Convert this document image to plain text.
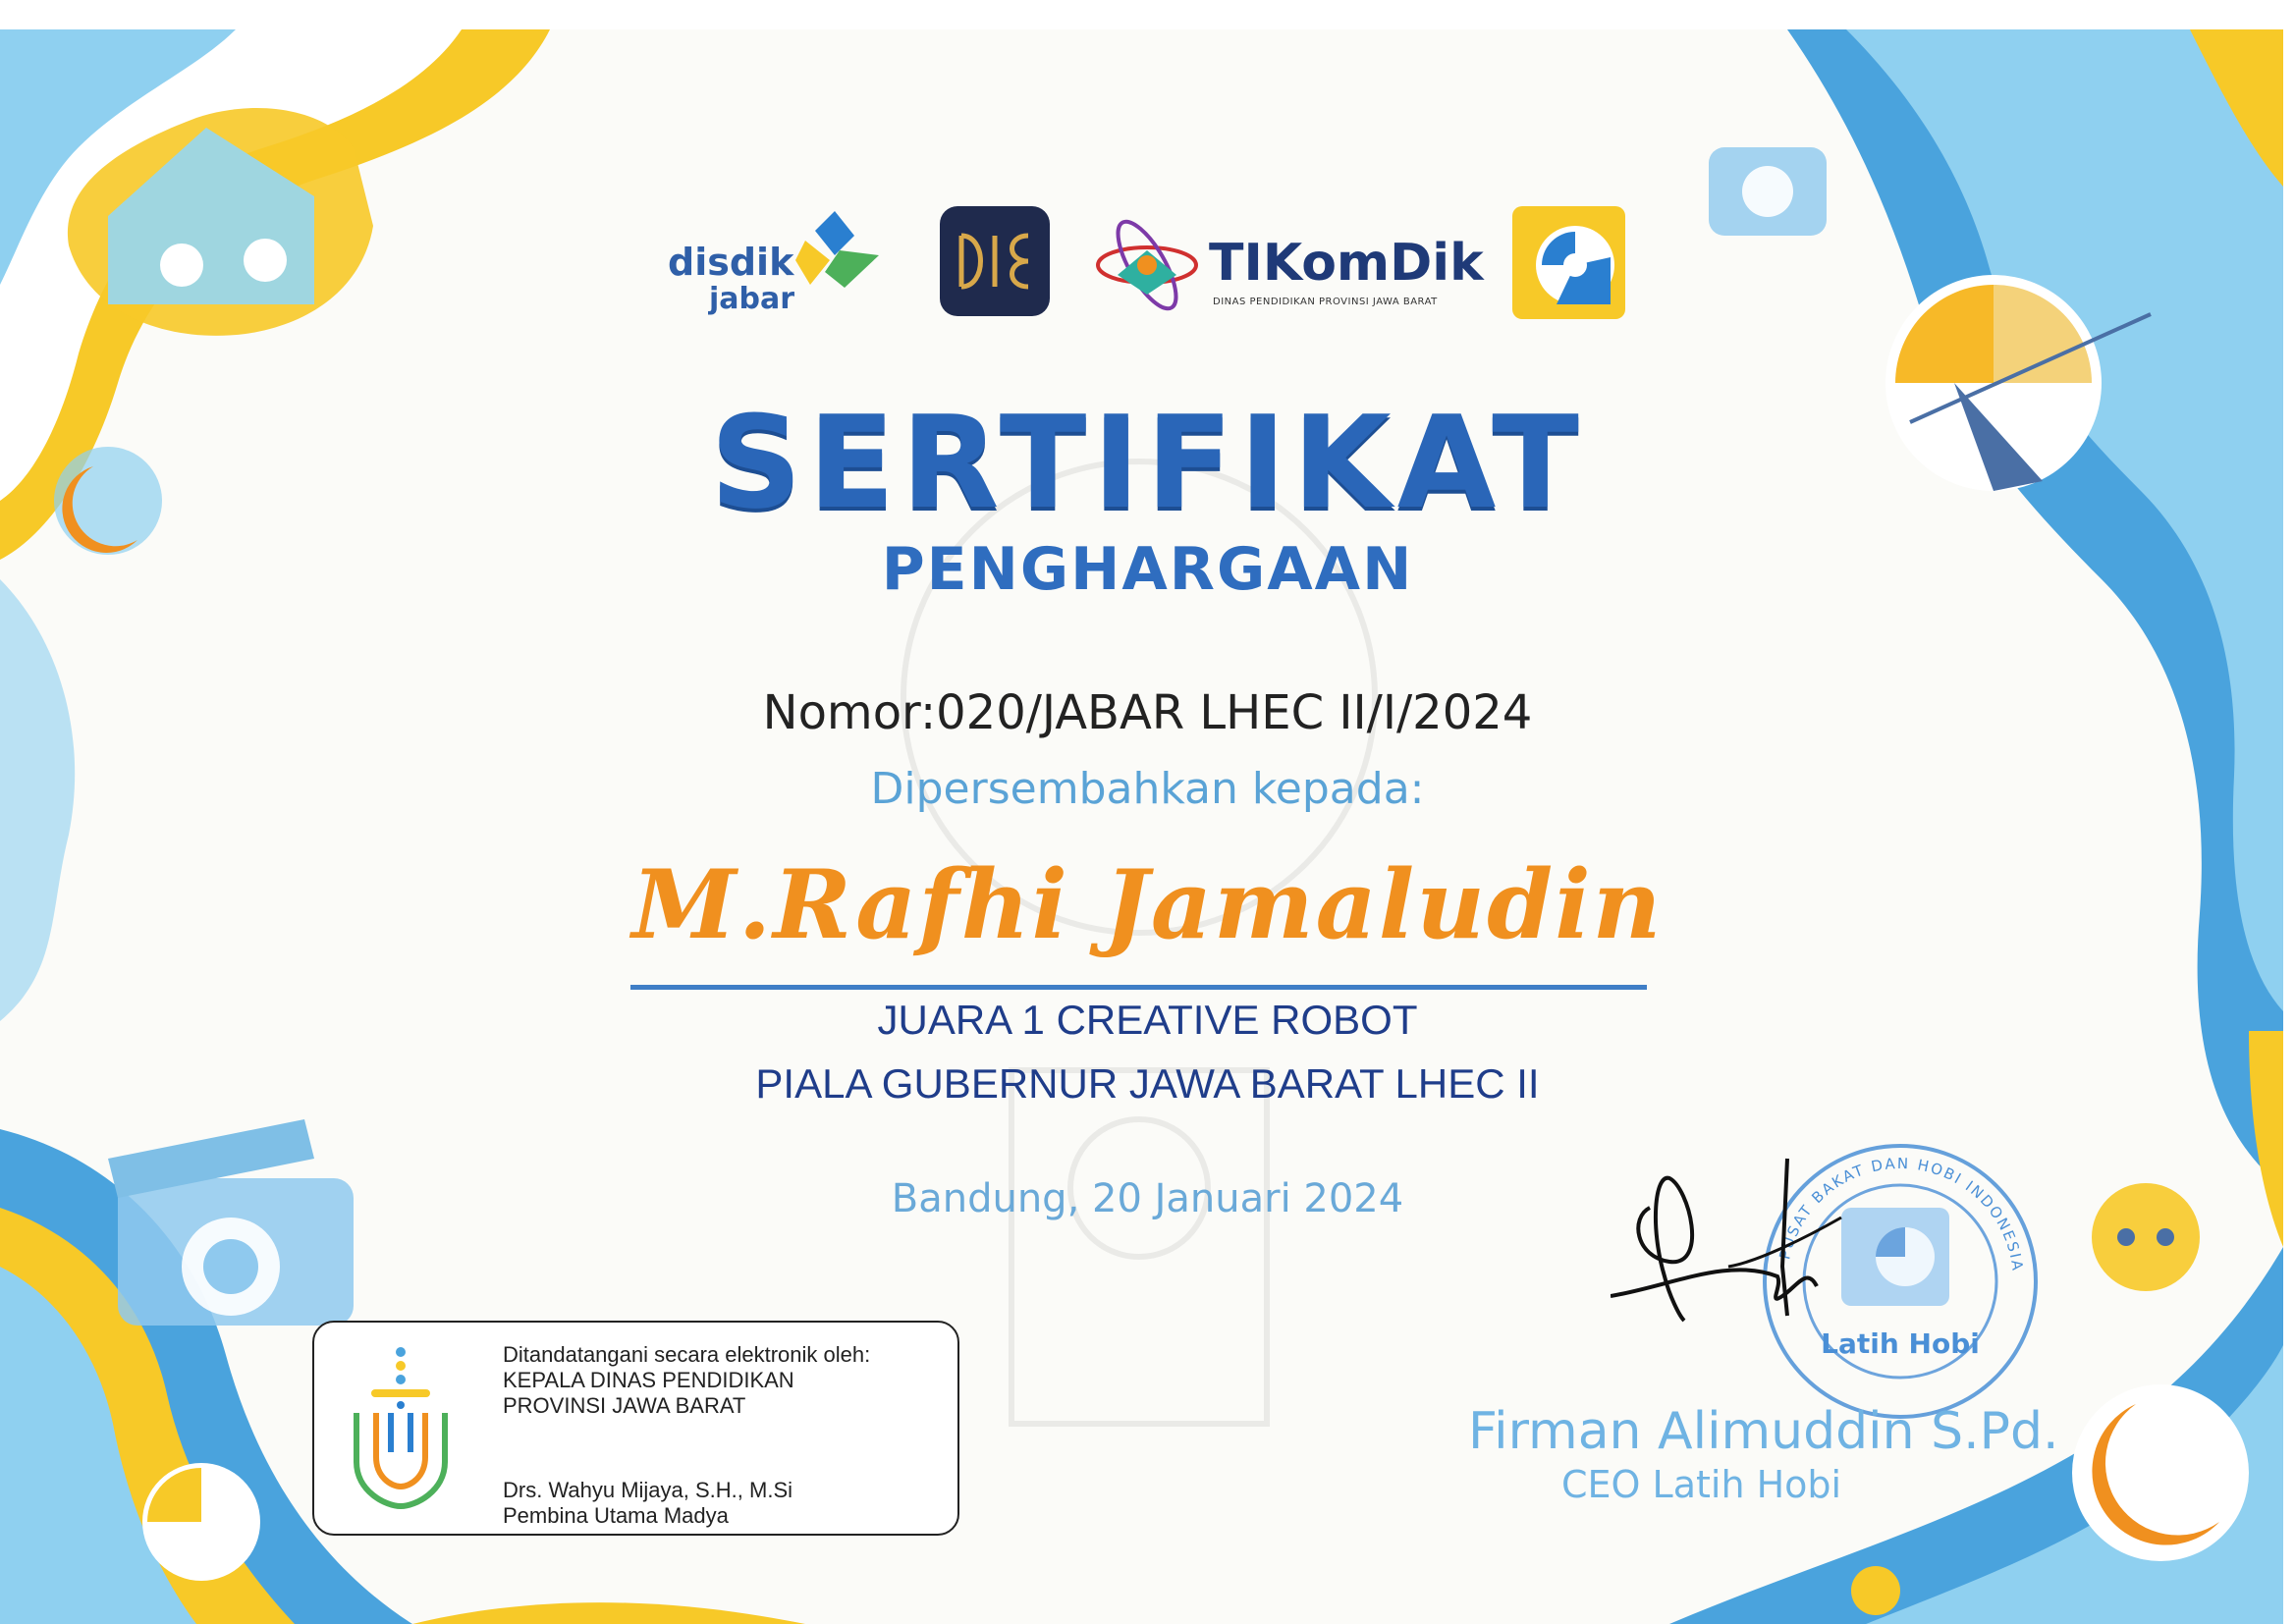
disdik
jabar
TIKomDik
DINAS PENDIDIKAN PROVINSI JAWA BARAT
SERTIFIKAT
PENGHARGAAN
Nomor:020/JABAR LHEC II/I/2024
Dipersembahkan kepada:
M.Rafhi Jamaludin
JUARA 1 CREATIVE ROBOT
PIALA GUBERNUR JAWA BARAT LHEC II
Bandung, 20 Januari 2024
Ditandatangani secara elektronik oleh:
KEPALA DINAS PENDIDIKAN
PROVINSI JAWA BARAT
Drs. Wahyu Mijaya, S.H., M.Si
Pembina Utama Madya
Latih Hobi
PUSAT BAKAT DAN HOBI INDONESIA
Firman Alimuddin S.Pd.
CEO Latih Hobi
